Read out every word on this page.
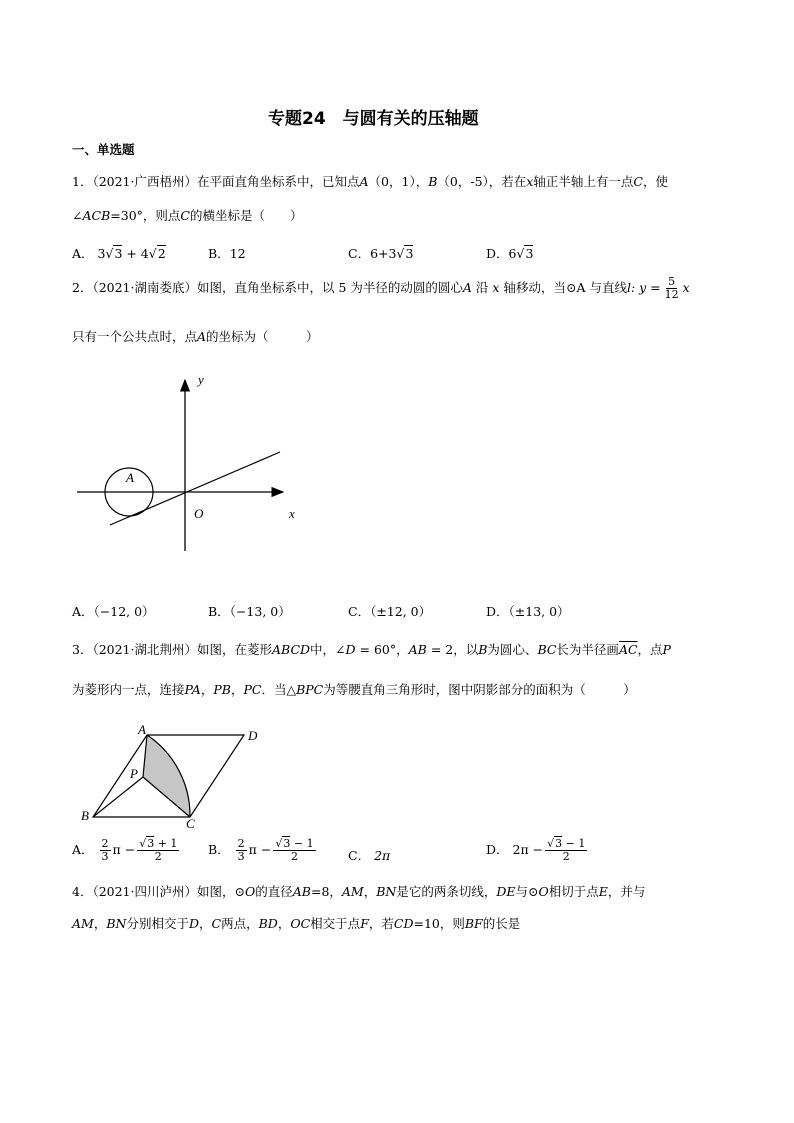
专题24　与圆有关的压轴题
一、单选题
1．（2021·广西梧州）在平面直角坐标系中，已知点A（0，1），B（0，-5），若在x轴正半轴上有一点C，使
∠ACB=30°，则点C的横坐标是（　　）
A． 3√3 + 4√2	B．12	C．6+3√3	D．6√3
2．（2021·湖南娄底）如图，直角坐标系中，以 5 为半径的动圆的圆心A 沿 x 轴移动，当⊙A 与直线l: $y = \frac{5}{12}$ x
只有一个公共点时，点A的坐标为（　　　）
A
O	x
y
A．（−12, 0）	B．（−13, 0）	C．（±12, 0）	D．（±13, 0）
3．（2021·湖北荆州）如图，在菱形ABCD中，∠D = 60°，AB = 2，以B为圆心、BC长为半径画$\overline{AC}$，点P
为菱形内一点，连接PA，PB，PC．当△BPC为等腰直角三角形时，图中阴影部分的面积为（　　　）
A	D
B
C
P
A． $\frac{2}{3}$ $\pi - \frac{√3 + 1}{2}$ B． $\frac{2}{3}$ $\pi - \frac{√3 - 1}{2}$	C． 2π	D． $2\pi - \frac{√3 - 1}{2}$
4．（2021·四川泸州）如图，⊙O的直径AB=8，AM，BN是它的两条切线，DE与⊙O相切于点E，并与
AM，BN分别相交于D，C两点，BD，OC相交于点F，若CD=10，则BF的长是
